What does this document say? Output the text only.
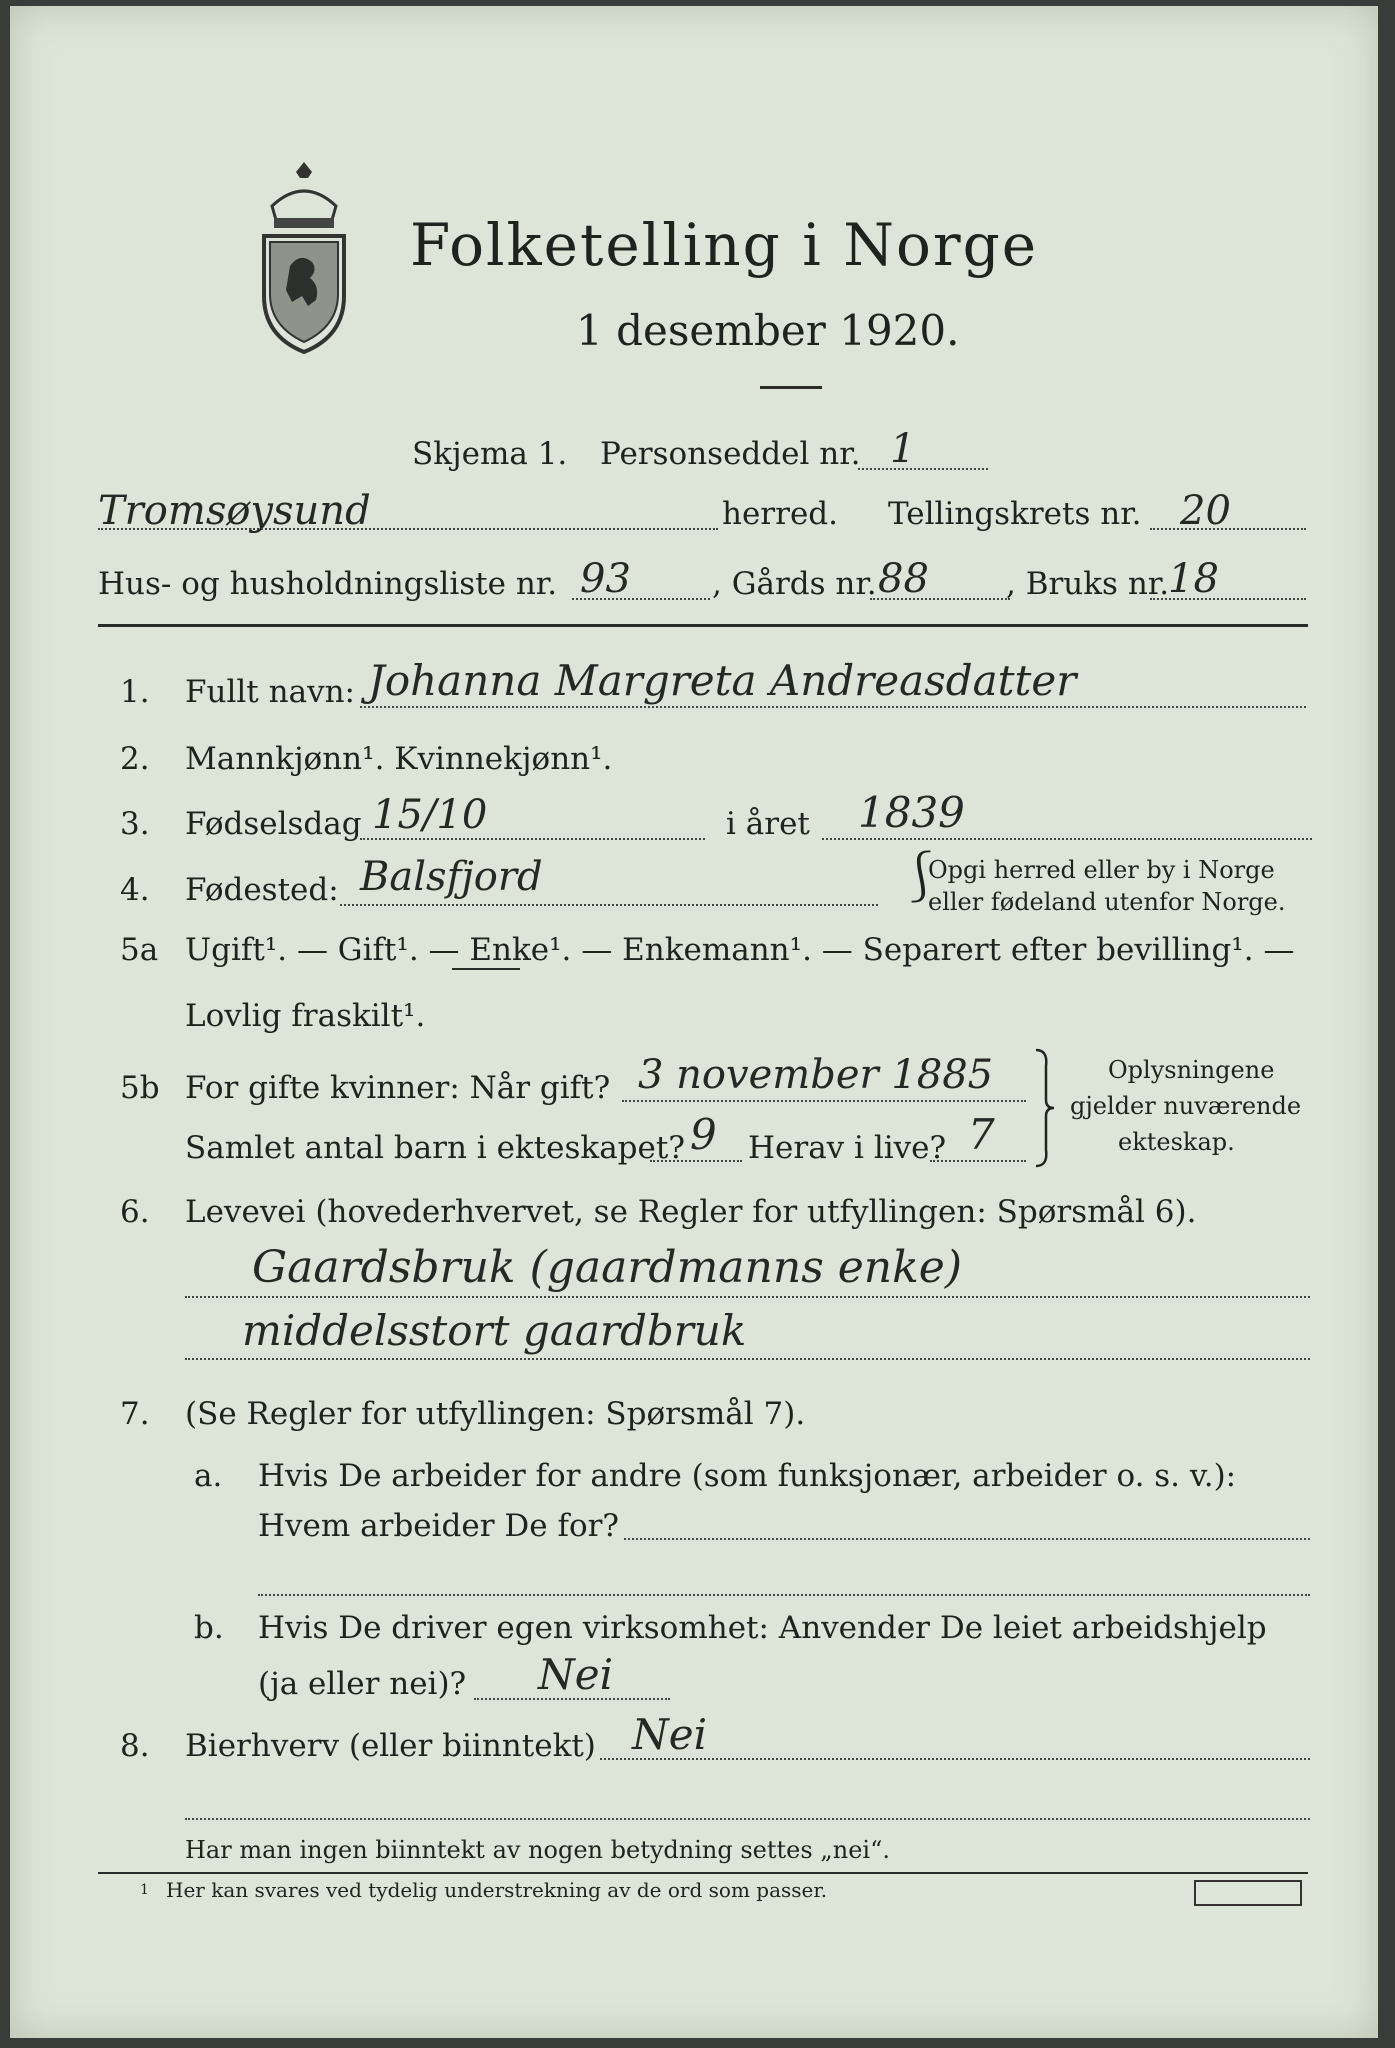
Folketelling i Norge
1 desember 1920.
Skjema 1. Personseddel nr. 1
Tromsøysund	herred. Tellingskrets nr. 20
Hus- og husholdningsliste nr. 93	, Gårds nr. 88 , Bruks nr.
18
1. Fullt navn: Johanna Margreta Andreasdatter
2. Mannkjønn¹. Kvinnekjønn¹.
3. Fødselsdag 15/10	i året 1839
4. Fødested: Balsfjord	⎰
Opgi herred eller by i Norge
eller fødeland utenfor Norge.
5a Ugift¹. — Gift¹. — Enke¹. — Enkemann¹. — Separert efter bevilling¹. —
Lovlig fraskilt¹.
5b For gifte kvinner: Når gift? 3 november 1885
Samlet antal barn i ekteskapet? 9 Herav i live? 7
Oplysningene
gjelder nuværende
ekteskap.
6. Levevei (hovederhvervet, se Regler for utfyllingen: Spørsmål 6).
Gaardsbruk (gaardmanns enke)
middelsstort gaardbruk
7. (Se Regler for utfyllingen: Spørsmål 7).
a. Hvis De arbeider for andre (som funksjonær, arbeider o. s. v.):
Hvem arbeider De for?
b. Hvis De driver egen virksomhet: Anvender De leiet arbeidshjelp
(ja eller nei)? Nei
8. Bierhverv (eller biinntekt) Nei
Har man ingen biinntekt av nogen betydning settes „nei“.
1 Her kan svares ved tydelig understrekning av de ord som passer.
